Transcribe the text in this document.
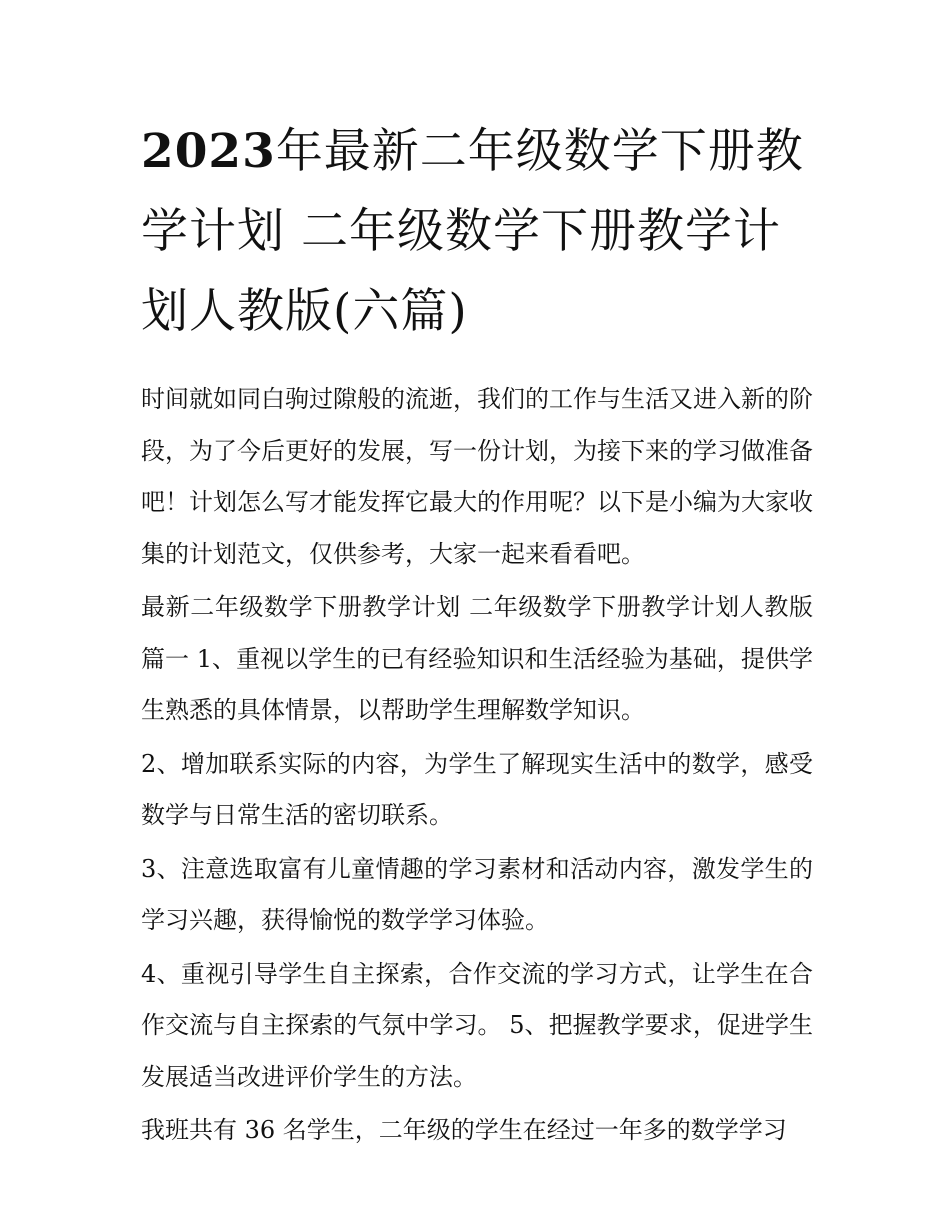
2023年最新二年级数学下册教学计划 二年级数学下册教学计划人教版(六篇)

时间就如同白驹过隙般的流逝，我们的工作与生活又进入新的阶段，为了今后更好的发展，写一份计划，为接下来的学习做准备吧！计划怎么写才能发挥它最大的作用呢？以下是小编为大家收集的计划范文，仅供参考，大家一起来看看吧。

最新二年级数学下册教学计划 二年级数学下册教学计划人教版篇一 1、重视以学生的已有经验知识和生活经验为基础，提供学生熟悉的具体情景，以帮助学生理解数学知识。

2、增加联系实际的内容，为学生了解现实生活中的数学，感受数学与日常生活的密切联系。

3、注意选取富有儿童情趣的学习素材和活动内容，激发学生的学习兴趣，获得愉悦的数学学习体验。

4、重视引导学生自主探索，合作交流的学习方式，让学生在合作交流与自主探索的气氛中学习。 5、把握教学要求，促进学生发展适当改进评价学生的方法。

我班共有 36 名学生，二年级的学生在经过一年多的数学学习
